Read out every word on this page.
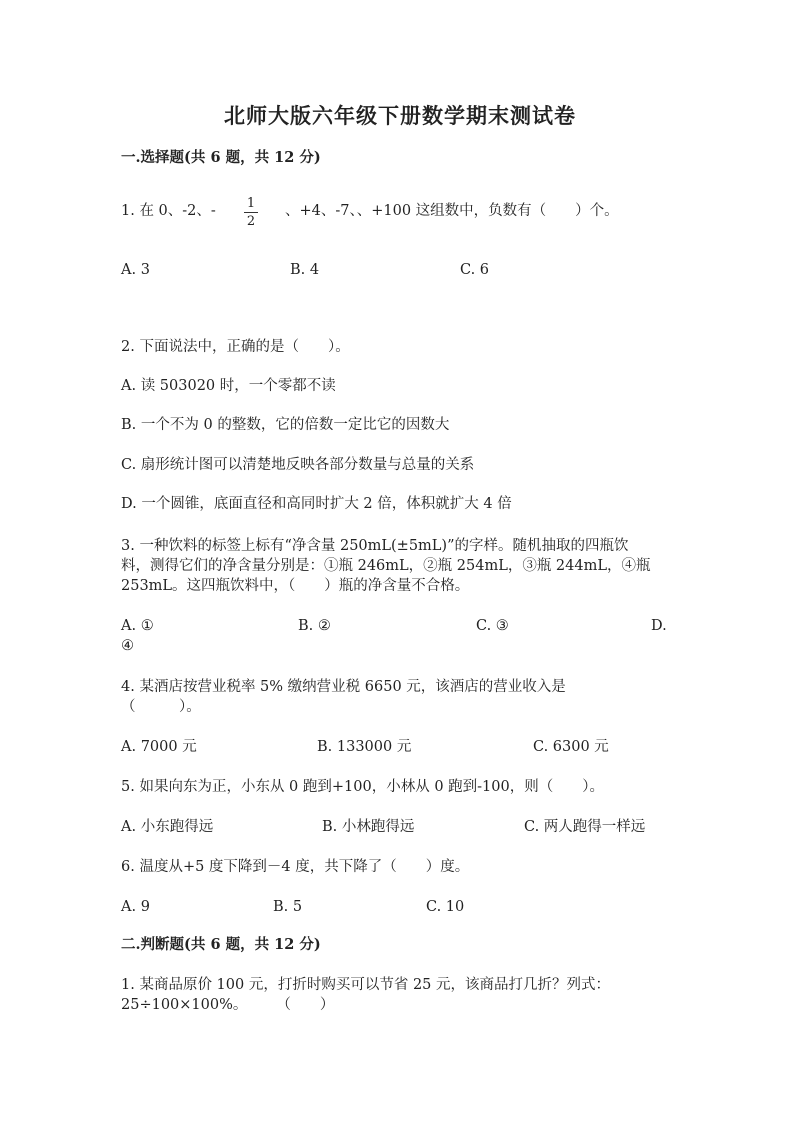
北师大版六年级下册数学期末测试卷
一.选择题(共 6 题，共 12 分)
1. 在 0、-2、- 1
2
、+4、-7、、+100 这组数中，负数有（　　）个。
A. 3	B. 4	C. 6
2. 下面说法中，正确的是（　　）。
A. 读 503020 时，一个零都不读
B. 一个不为 0 的整数，它的倍数一定比它的因数大
C. 扇形统计图可以清楚地反映各部分数量与总量的关系
D. 一个圆锥，底面直径和高同时扩大 2 倍，体积就扩大 4 倍
3. 一种饮料的标签上标有“净含量 250mL(±5mL)”的字样。随机抽取的四瓶饮
料，测得它们的净含量分别是：①瓶 246mL，②瓶 254mL，③瓶 244mL，④瓶
253mL。这四瓶饮料中，（　　）瓶的净含量不合格。
A. ①	B. ②	C. ③	D.
④
4. 某酒店按营业税率 5% 缴纳营业税 6650 元，该酒店的营业收入是
（　　　）。
A. 7000 元	B. 133000 元	C. 6300 元
5. 如果向东为正，小东从 0 跑到+100，小林从 0 跑到-100，则（　　）。
A. 小东跑得远	B. 小林跑得远	C. 两人跑得一样远
6. 温度从+5 度下降到－4 度，共下降了（　　）度。
A. 9	B. 5	C. 10
二.判断题(共 6 题，共 12 分)
1. 某商品原价 100 元，打折时购买可以节省 25 元，该商品打几折？列式：
25÷100×100%。　　　（　　）
